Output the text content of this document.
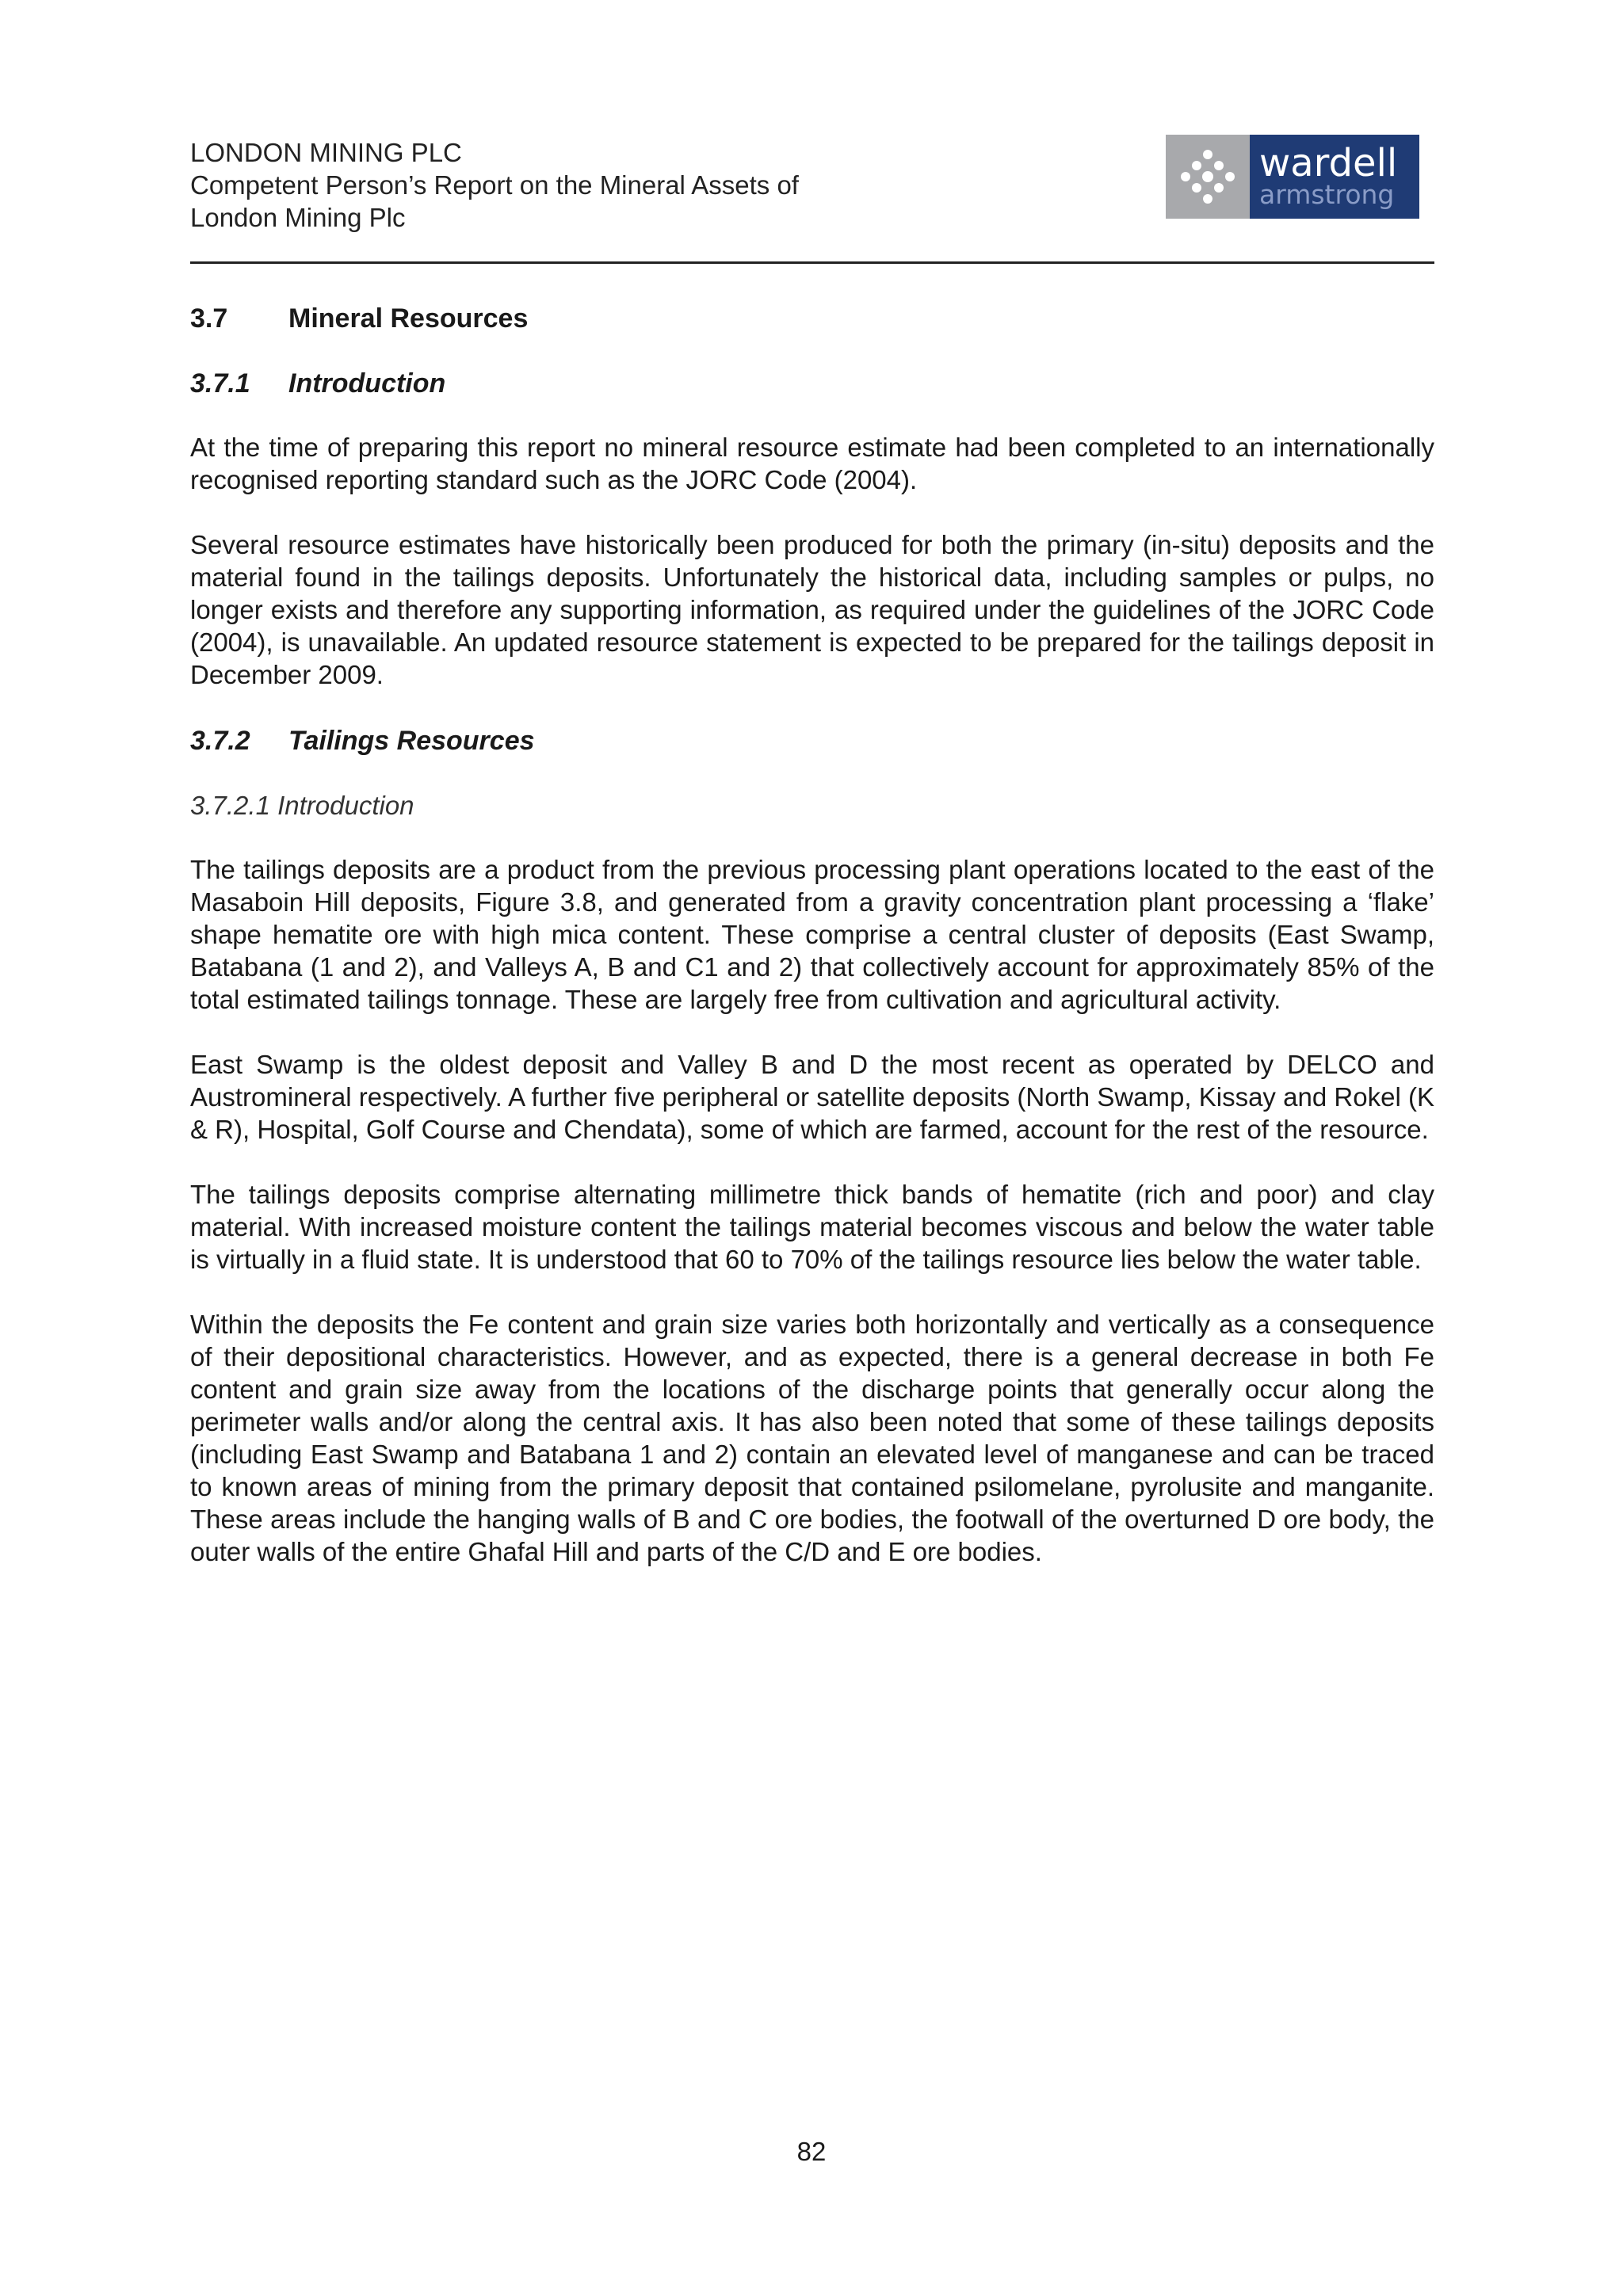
LONDON MINING PLC
Competent Person’s Report on the Mineral Assets of
London Mining Plc
wardell
armstrong
3.7 Mineral Resources
3.7.1 Introduction

At the time of preparing this report no mineral resource estimate had been completed to an internationally recognised reporting standard such as the JORC Code (2004).

Several resource estimates have historically been produced for both the primary (in-situ) deposits and the material found in the tailings deposits. Unfortunately the historical data, including samples or pulps, no longer exists and therefore any supporting information, as required under the guidelines of the JORC Code (2004), is unavailable. An updated resource statement is expected to be prepared for the tailings deposit in December 2009.

3.7.2 Tailings Resources
3.7.2.1 Introduction

The tailings deposits are a product from the previous processing plant operations located to the east of the Masaboin Hill deposits, Figure 3.8, and generated from a gravity concentration plant processing a ‘flake’ shape hematite ore with high mica content. These comprise a central cluster of deposits (East Swamp, Batabana (1 and 2), and Valleys A, B and C1 and 2) that collectively account for approximately 85% of the total estimated tailings tonnage. These are largely free from cultivation and agricultural activity.

East Swamp is the oldest deposit and Valley B and D the most recent as operated by DELCO and Austromineral respectively. A further five peripheral or satellite deposits (North Swamp, Kissay and Rokel (K & R), Hospital, Golf Course and Chendata), some of which are farmed, account for the rest of the resource.

The tailings deposits comprise alternating millimetre thick bands of hematite (rich and poor) and clay material. With increased moisture content the tailings material becomes viscous and below the water table is virtually in a fluid state. It is understood that 60 to 70% of the tailings resource lies below the water table.

Within the deposits the Fe content and grain size varies both horizontally and vertically as a consequence of their depositional characteristics. However, and as expected, there is a general decrease in both Fe content and grain size away from the locations of the discharge points that generally occur along the perimeter walls and/or along the central axis. It has also been noted that some of these tailings deposits (including East Swamp and Batabana 1 and 2) contain an elevated level of manganese and can be traced to known areas of mining from the primary deposit that contained psilomelane, pyrolusite and manganite. These areas include the hanging walls of B and C ore bodies, the footwall of the overturned D ore body, the outer walls of the entire Ghafal Hill and parts of the C/D and E ore bodies.

82
